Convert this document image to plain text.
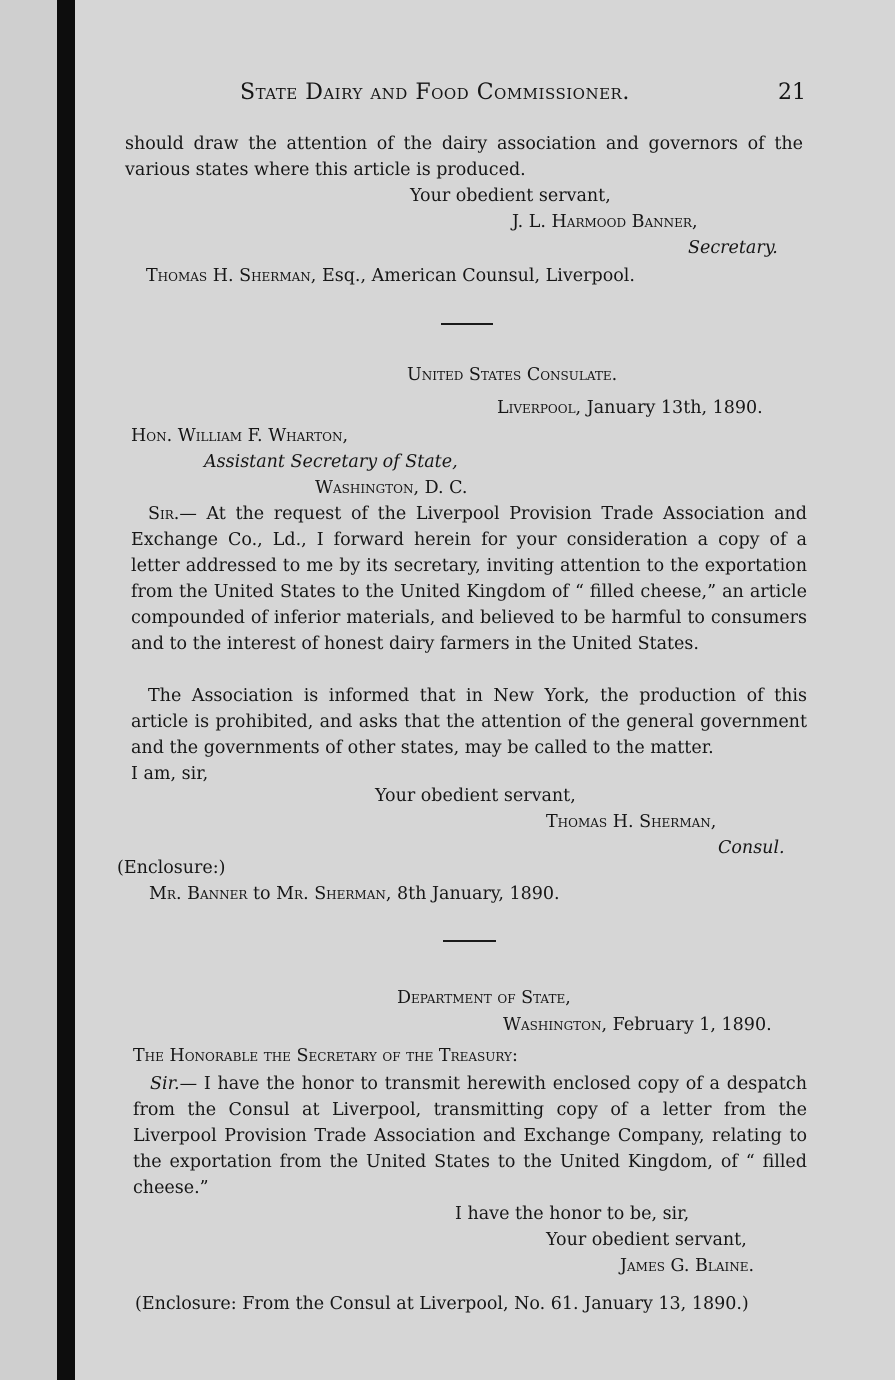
State Dairy and Food Commissioner.	21
should draw the attention of the dairy association and governors of the various states where this article is produced.
Your obedient servant,
J. L. Harmood Banner,
Secretary.
Thomas H. Sherman, Esq., American Counsul, Liverpool.
United States Consulate.
Liverpool, January 13th, 1890.
Hon. William F. Wharton,
Assistant Secretary of State,
Washington, D. C.
Sir.— At the request of the Liverpool Provision Trade Association and Exchange Co., Ld., I forward herein for your consideration a copy of a letter addressed to me by its secretary, inviting attention to the exportation from the United States to the United Kingdom of “ filled cheese,” an article compounded of inferior materials, and believed to be harmful to consumers and to the interest of honest dairy farmers in the United States.
The Association is informed that in New York, the production of this article is prohibited, and asks that the attention of the general government and the governments of other states, may be called to the matter.
I am, sir,
Your obedient servant,
Thomas H. Sherman,
Consul.
(Enclosure:)
Mr. Banner to Mr. Sherman, 8th January, 1890.
Department of State,
Washington, February 1, 1890.
The Honorable the Secretary of the Treasury:
Sir.— I have the honor to transmit herewith enclosed copy of a despatch from the Consul at Liverpool, transmitting copy of a letter from the Liverpool Provision Trade Association and Exchange Company, relating to the exportation from the United States to the United Kingdom, of “ filled cheese.”
I have the honor to be, sir,
Your obedient servant,
James G. Blaine.
(Enclosure: From the Consul at Liverpool, No. 61. January 13, 1890.)
